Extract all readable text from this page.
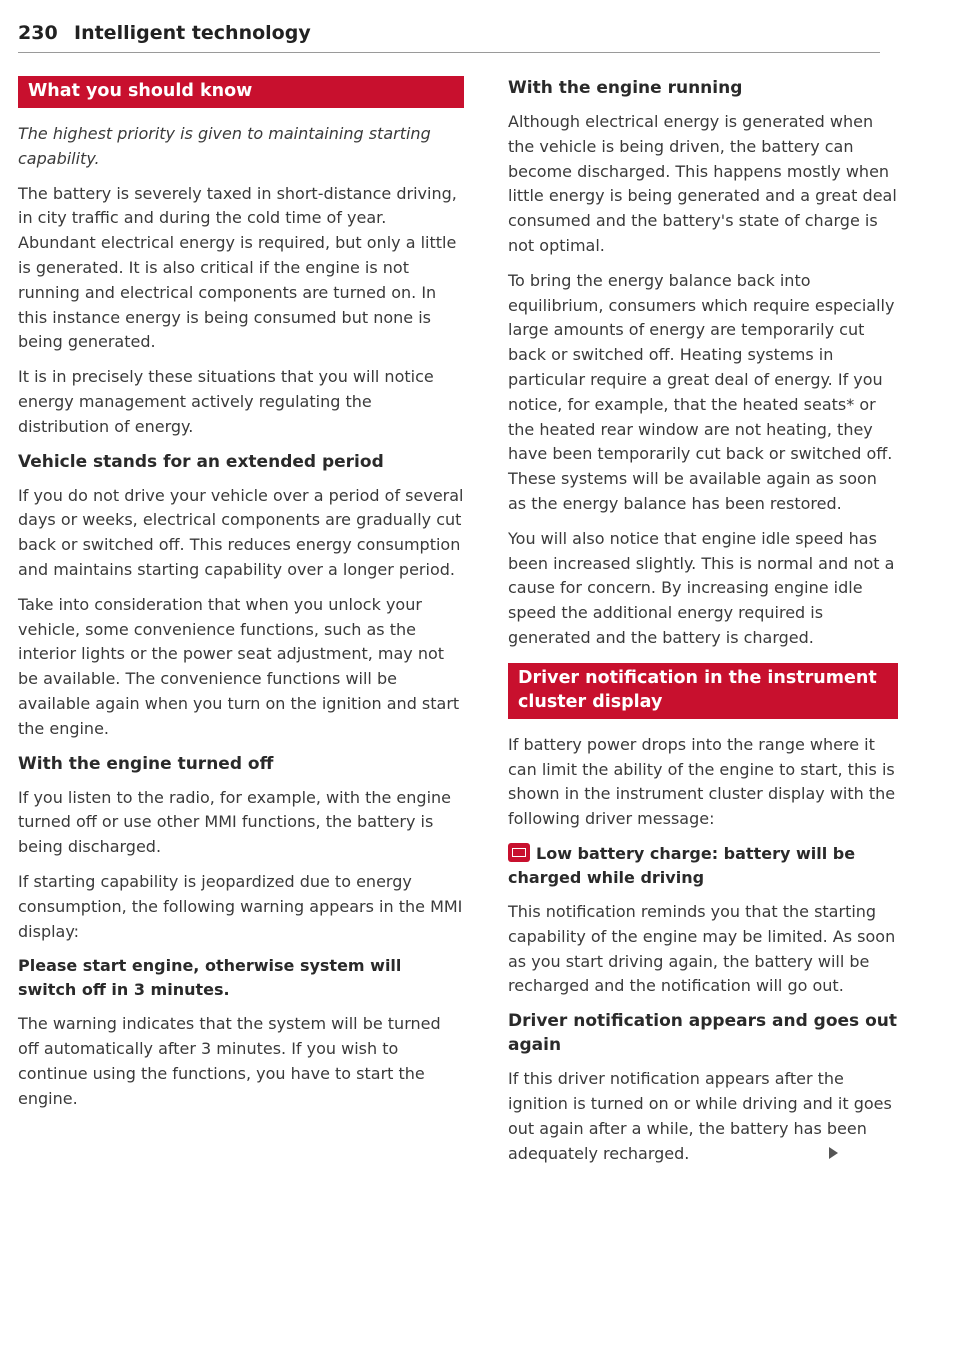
230 Intelligent technology
What you should know

The highest priority is given to maintaining starting capability.

The battery is severely taxed in short-distance driving, in city traffic and during the cold time of year. Abundant electrical energy is required, but only a little is generated. It is also critical if the engine is not running and electrical components are turned on. In this instance energy is being consumed but none is being generated.

It is in precisely these situations that you will notice energy management actively regulating the distribution of energy.

Vehicle stands for an extended period

If you do not drive your vehicle over a period of several days or weeks, electrical components are gradually cut back or switched off. This reduces energy consumption and maintains starting capability over a longer period.

Take into consideration that when you unlock your vehicle, some convenience functions, such as the interior lights or the power seat adjustment, may not be available. The convenience functions will be available again when you turn on the ignition and start the engine.

With the engine turned off

If you listen to the radio, for example, with the engine turned off or use other MMI functions, the battery is being discharged.

If starting capability is jeopardized due to energy consumption, the following warning appears in the MMI display:

Please start engine, otherwise system will switch off in 3 minutes.

The warning indicates that the system will be turned off automatically after 3 minutes. If you wish to continue using the functions, you have to start the engine.

With the engine running

Although electrical energy is generated when the vehicle is being driven, the battery can become discharged. This happens mostly when little energy is being generated and a great deal consumed and the battery's state of charge is not optimal.

To bring the energy balance back into equilibrium, consumers which require especially large amounts of energy are temporarily cut back or switched off. Heating systems in particular require a great deal of energy. If you notice, for example, that the heated seats* or the heated rear window are not heating, they have been temporarily cut back or switched off. These systems will be available again as soon as the energy balance has been restored.

You will also notice that engine idle speed has been increased slightly. This is normal and not a cause for concern. By increasing engine idle speed the additional energy required is generated and the battery is charged.

Driver notification in the instrument cluster display

If battery power drops into the range where it can limit the ability of the engine to start, this is shown in the instrument cluster display with the following driver message:

Low battery charge: battery will be charged while driving

This notification reminds you that the starting capability of the engine may be limited. As soon as you start driving again, the battery will be recharged and the notification will go out.

Driver notification appears and goes out again

If this driver notification appears after the ignition is turned on or while driving and it goes out again after a while, the battery has been adequately recharged.
